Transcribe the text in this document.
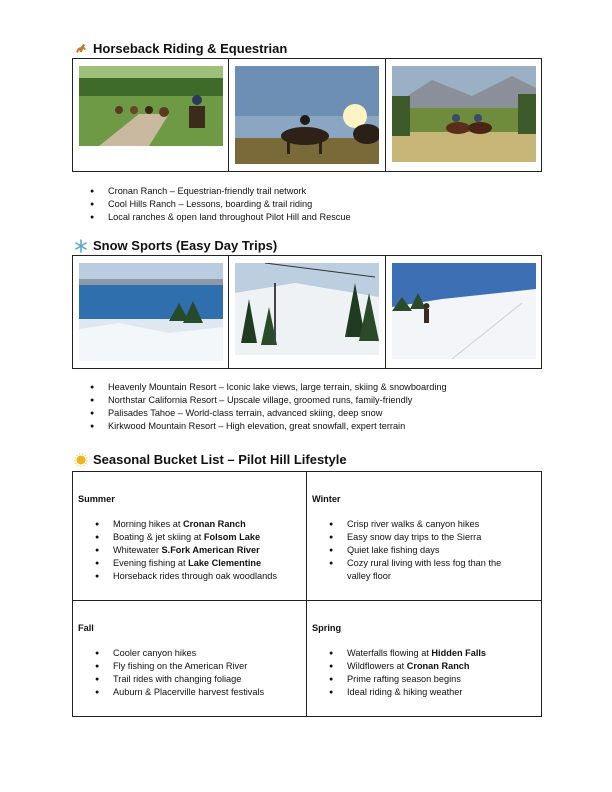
Horseback Riding & Equestrian
● Cronan Ranch – Equestrian-friendly trail network
● Cool Hills Ranch – Lessons, boarding & trail riding
● Local ranches & open land throughout Pilot Hill and Rescue
Snow Sports (Easy Day Trips)
● Heavenly Mountain Resort – Iconic lake views, large terrain, skiing & snowboarding
● Northstar California Resort – Upscale village, groomed runs, family-friendly
● Palisades Tahoe – World-class terrain, advanced skiing, deep snow
● Kirkwood Mountain Resort – High elevation, great snowfall, expert terrain
Seasonal Bucket List – Pilot Hill Lifestyle
Summer
● Morning hikes at Cronan Ranch
● Boating & jet skiing at Folsom Lake
● Whitewater S.Fork American River
● Evening fishing at Lake Clementine
● Horseback rides through oak woodlands
Winter
● Crisp river walks & canyon hikes
● Easy snow day trips to the Sierra
● Quiet lake fishing days
● Cozy rural living with less fog than the valley floor
Fall
● Cooler canyon hikes
● Fly fishing on the American River
● Trail rides with changing foliage
● Auburn & Placerville harvest festivals
Spring
● Waterfalls flowing at Hidden Falls
● Wildflowers at Cronan Ranch
● Prime rafting season begins
● Ideal riding & hiking weather
